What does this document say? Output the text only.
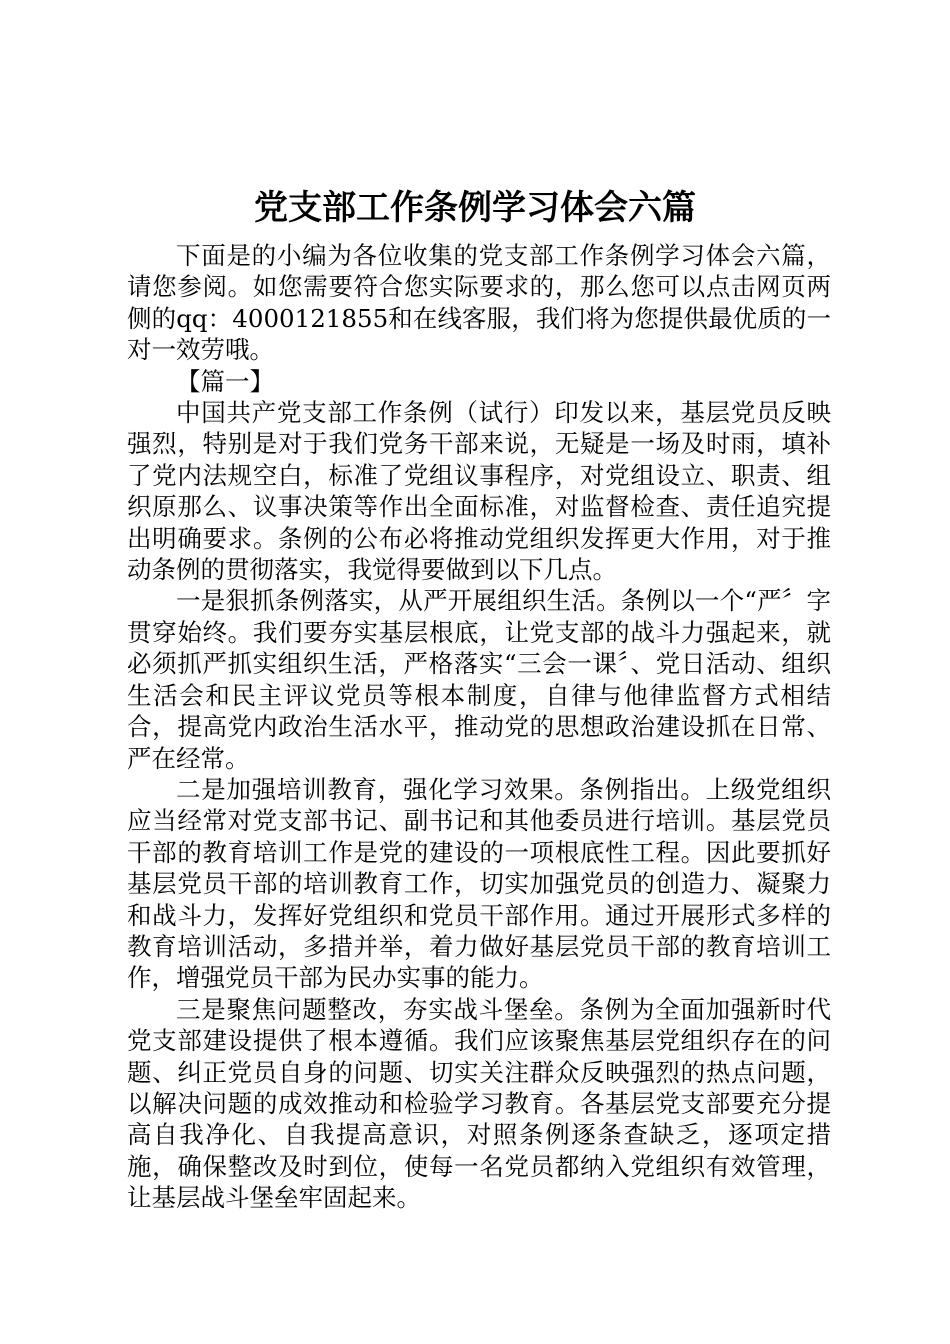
党支部工作条例学习体会六篇

下面是的小编为各位收集的党支部工作条例学习体会六篇，请您参阅。如您需要符合您实际要求的，那么您可以点击网页两侧的qq：4000121855和在线客服，我们将为您提供最优质的一对一效劳哦。

【篇一】

中国共产党支部工作条例（试行）印发以来，基层党员反映强烈，特别是对于我们党务干部来说，无疑是一场及时雨，填补了党内法规空白，标准了党组议事程序，对党组设立、职责、组织原那么、议事决策等作出全面标准，对监督检查、责任追究提出明确要求。条例的公布必将推动党组织发挥更大作用，对于推动条例的贯彻落实，我觉得要做到以下几点。

一是狠抓条例落实，从严开展组织生活。条例以一个“严〞字贯穿始终。我们要夯实基层根底，让党支部的战斗力强起来，就必须抓严抓实组织生活，严格落实“三会一课〞、党日活动、组织生活会和民主评议党员等根本制度，自律与他律监督方式相结合，提高党内政治生活水平，推动党的思想政治建设抓在日常、严在经常。

二是加强培训教育，强化学习效果。条例指出。上级党组织应当经常对党支部书记、副书记和其他委员进行培训。基层党员干部的教育培训工作是党的建设的一项根底性工程。因此要抓好基层党员干部的培训教育工作，切实加强党员的创造力、凝聚力和战斗力，发挥好党组织和党员干部作用。通过开展形式多样的教育培训活动，多措并举，着力做好基层党员干部的教育培训工作，增强党员干部为民办实事的能力。

三是聚焦问题整改，夯实战斗堡垒。条例为全面加强新时代党支部建设提供了根本遵循。我们应该聚焦基层党组织存在的问题、纠正党员自身的问题、切实关注群众反映强烈的热点问题，以解决问题的成效推动和检验学习教育。各基层党支部要充分提高自我净化、自我提高意识，对照条例逐条查缺乏，逐项定措施，确保整改及时到位，使每一名党员都纳入党组织有效管理，让基层战斗堡垒牢固起来。
